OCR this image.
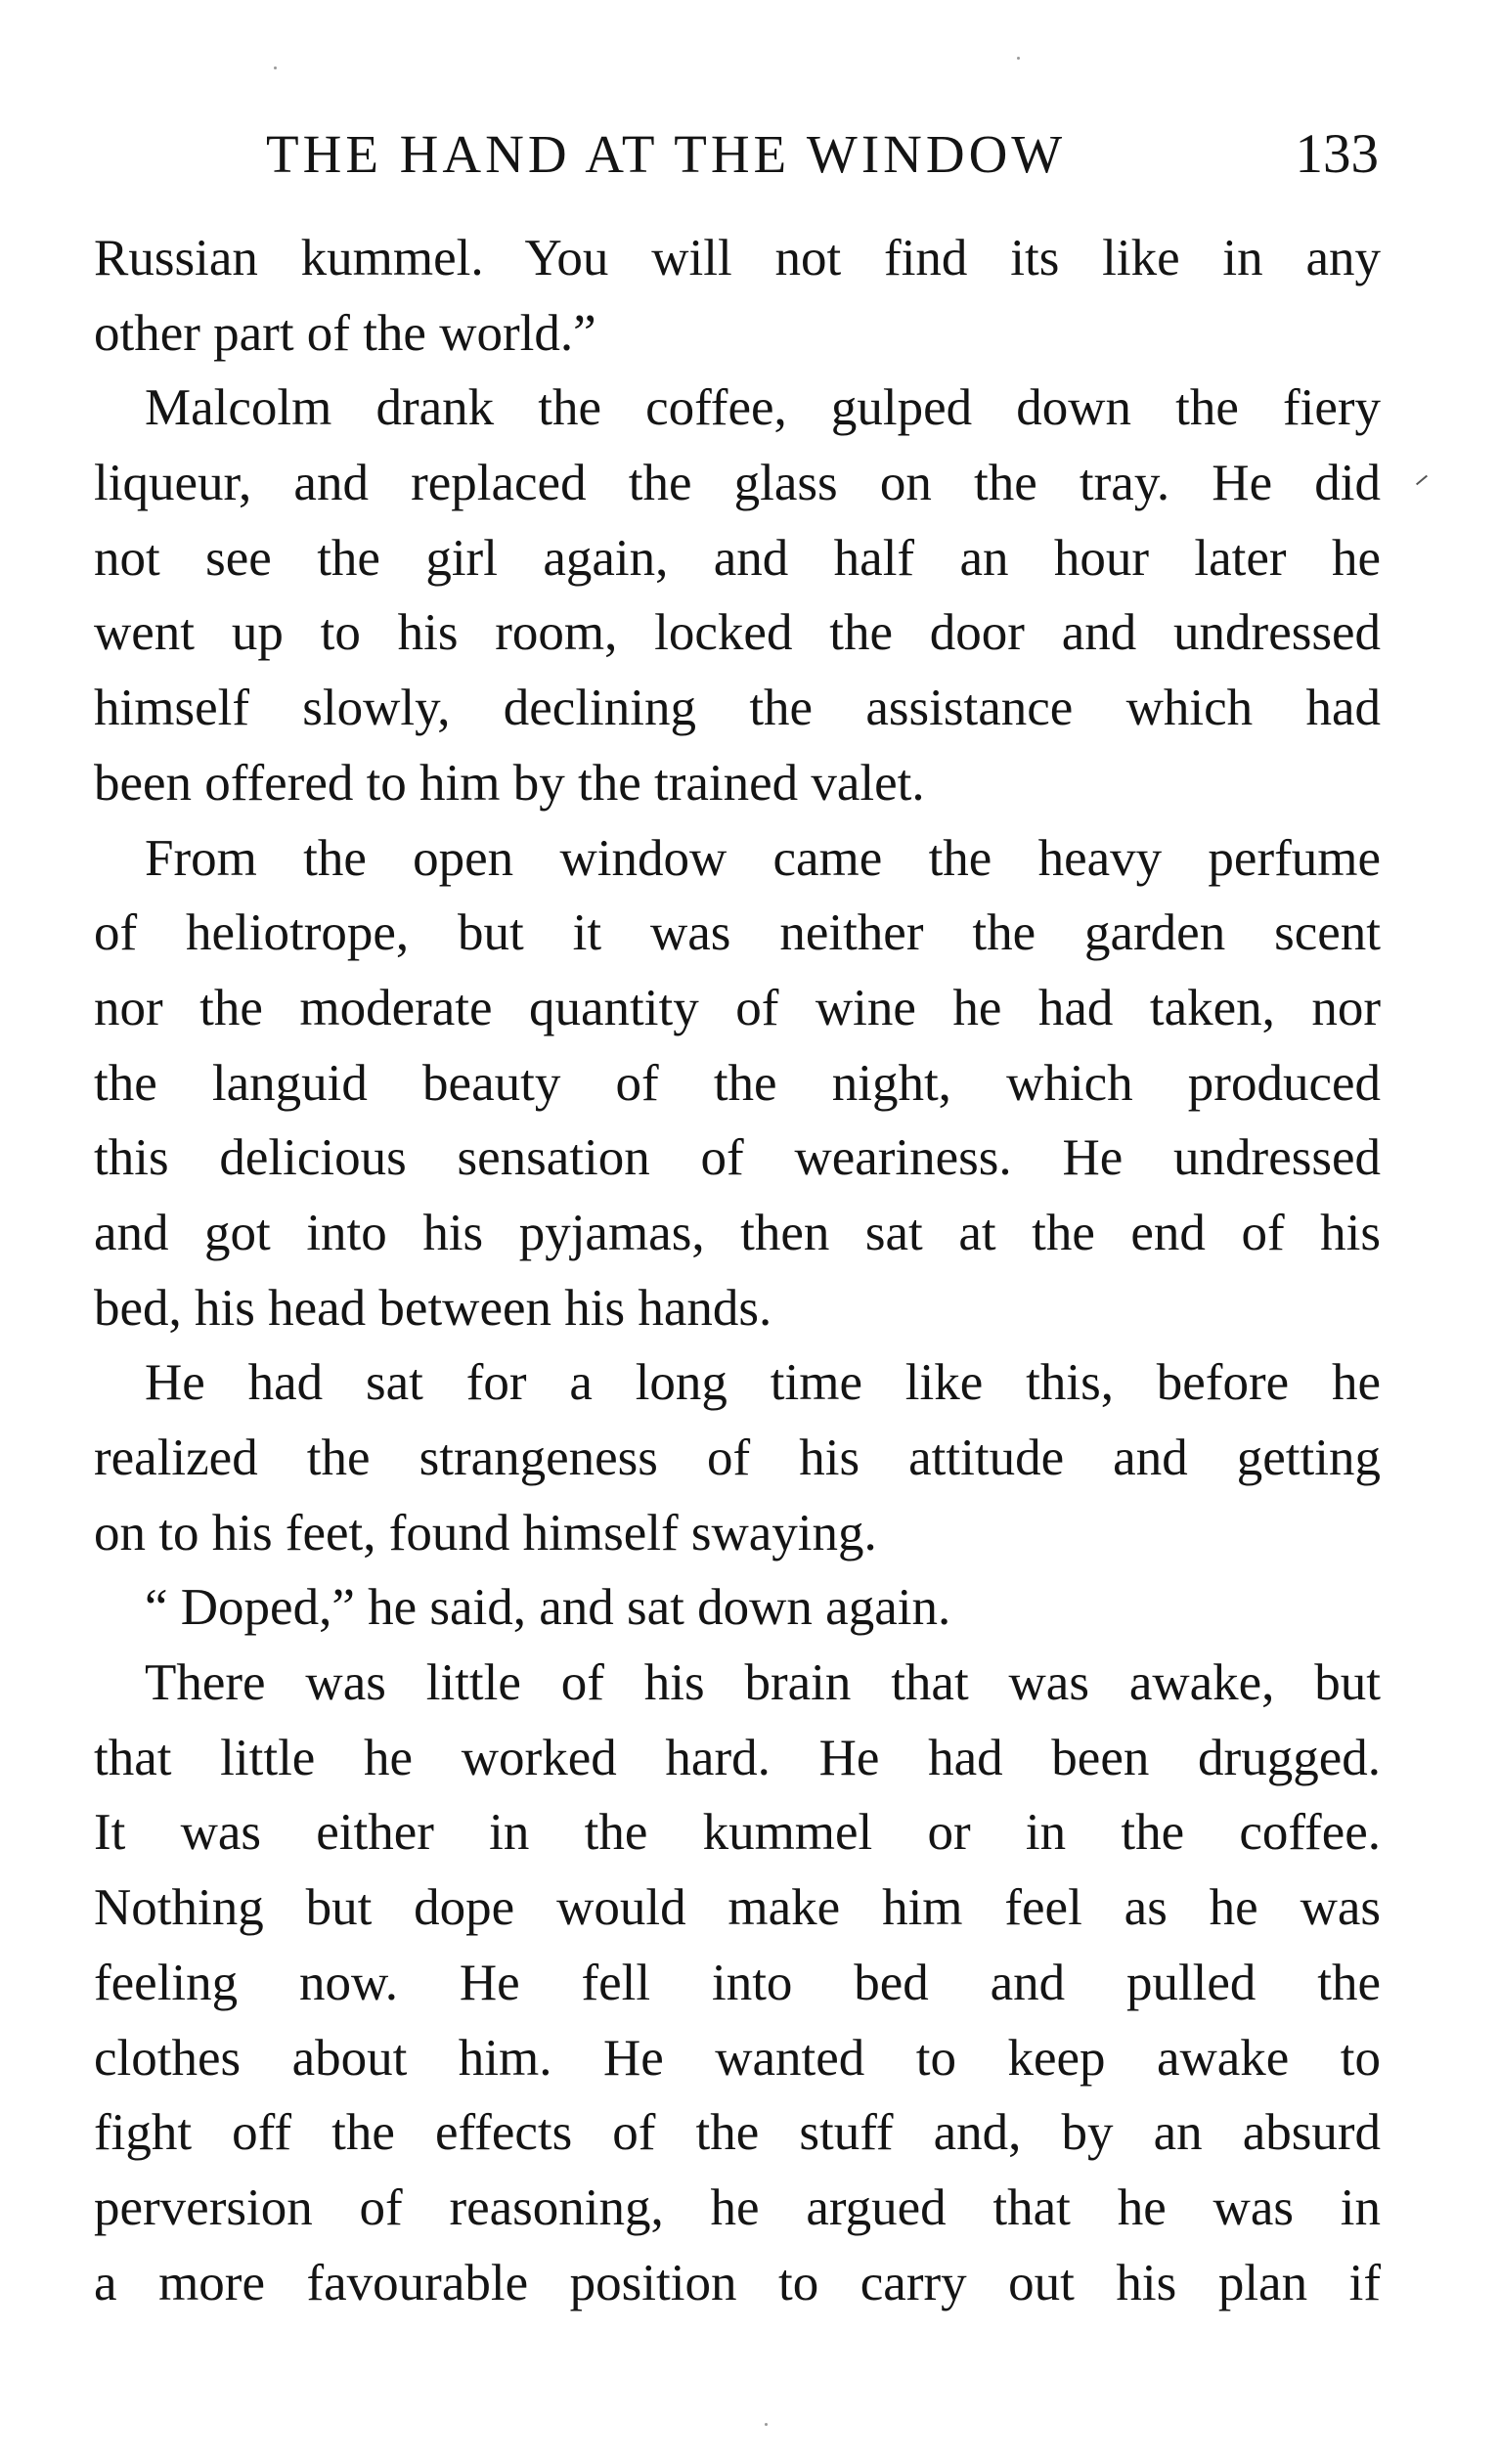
THE HAND AT THE WINDOW	133
Russian kummel. You will not find its like in any
other part of the world.”
Malcolm drank the coffee, gulped down the fiery
liqueur, and replaced the glass on the tray. He did
not see the girl again, and half an hour later he
went up to his room, locked the door and undressed
himself slowly, declining the assistance which had
been offered to him by the trained valet.
From the open window came the heavy perfume
of heliotrope, but it was neither the garden scent
nor the moderate quantity of wine he had taken, nor
the languid beauty of the night, which produced
this delicious sensation of weariness. He undressed
and got into his pyjamas, then sat at the end of his
bed, his head between his hands.
He had sat for a long time like this, before he
realized the strangeness of his attitude and getting
on to his feet, found himself swaying.
“ Doped,” he said, and sat down again.
There was little of his brain that was awake, but
that little he worked hard. He had been drugged.
It was either in the kummel or in the coffee.
Nothing but dope would make him feel as he was
feeling now. He fell into bed and pulled the
clothes about him. He wanted to keep awake to
fight off the effects of the stuff and, by an absurd
perversion of reasoning, he argued that he was in
a more favourable position to carry out his plan if
